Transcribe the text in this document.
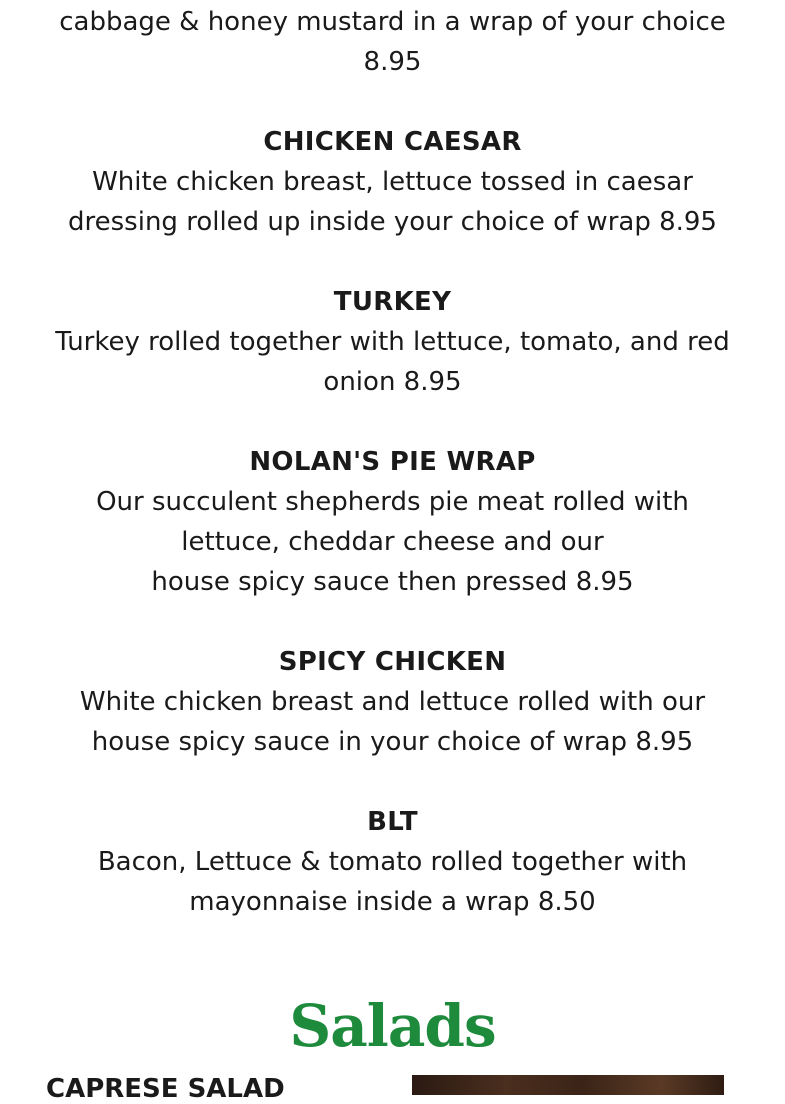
cabbage & honey mustard in a wrap of your choice
8.95
CHICKEN CAESAR
White chicken breast, lettuce tossed in caesar
dressing rolled up inside your choice of wrap 8.95
TURKEY
Turkey rolled together with lettuce, tomato, and red
onion 8.95
NOLAN'S PIE WRAP
Our succulent shepherds pie meat rolled with
lettuce, cheddar cheese and our
house spicy sauce then pressed 8.95
SPICY CHICKEN
White chicken breast and lettuce rolled with our
house spicy sauce in your choice of wrap 8.95
BLT
Bacon, Lettuce & tomato rolled together with
mayonnaise inside a wrap 8.50
Salads
CAPRESE SALAD
